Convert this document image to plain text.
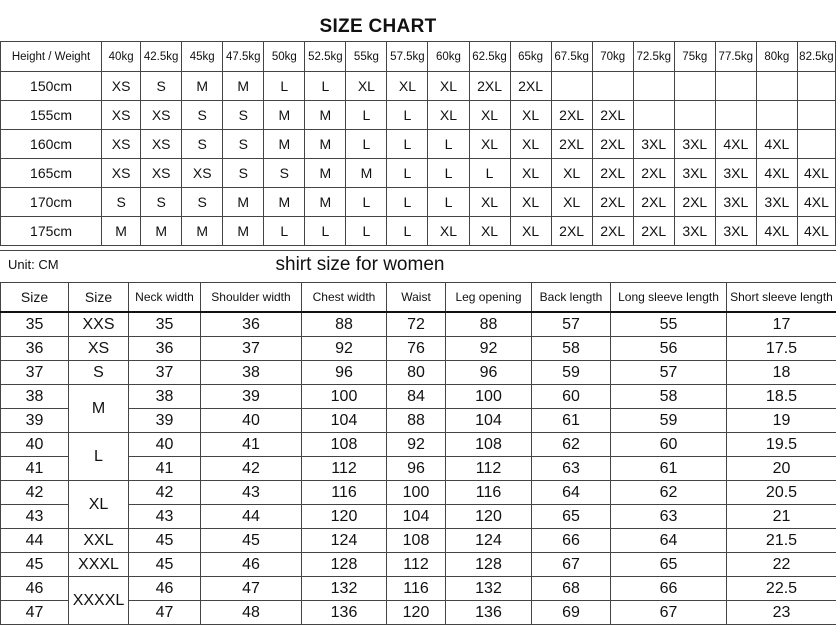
SIZE CHART
Height / Weight	40kg	42.5kg	45kg	47.5kg	50kg	52.5kg	55kg	57.5kg	60kg	62.5kg	65kg	67.5kg	70kg	72.5kg	75kg	77.5kg	80kg	82.5kg
150cm	XS	S	M	M	L	L	XL	XL	XL	2XL	2XL							
155cm	XS	XS	S	S	M	M	L	L	XL	XL	XL	2XL	2XL					
160cm	XS	XS	S	S	M	M	L	L	L	XL	XL	2XL	2XL	3XL	3XL	4XL	4XL	
165cm	XS	XS	XS	S	S	M	M	L	L	L	XL	XL	2XL	2XL	3XL	3XL	4XL	4XL
170cm	S	S	S	M	M	M	L	L	L	XL	XL	XL	2XL	2XL	2XL	3XL	3XL	4XL
175cm	M	M	M	M	L	L	L	L	XL	XL	XL	2XL	2XL	2XL	3XL	3XL	4XL	4XL
Unit: CM	shirt size for women
Size	Size	Neck width	Shoulder width	Chest width	Waist	Leg opening	Back length	Long sleeve length	Short sleeve length
35	XXS	35	36	88	72	88	57	55	17
36	XS	36	37	92	76	92	58	56	17.5
37	S	37	38	96	80	96	59	57	18
38	M	38	39	100	84	100	60	58	18.5
39		39	40	104	88	104	61	59	19
40	L	40	41	108	92	108	62	60	19.5
41		41	42	112	96	112	63	61	20
42	XL	42	43	116	100	116	64	62	20.5
43		43	44	120	104	120	65	63	21
44	XXL	45	45	124	108	124	66	64	21.5
45	XXXL	45	46	128	112	128	67	65	22
46	XXXXL	46	47	132	116	132	68	66	22.5
47		47	48	136	120	136	69	67	23
